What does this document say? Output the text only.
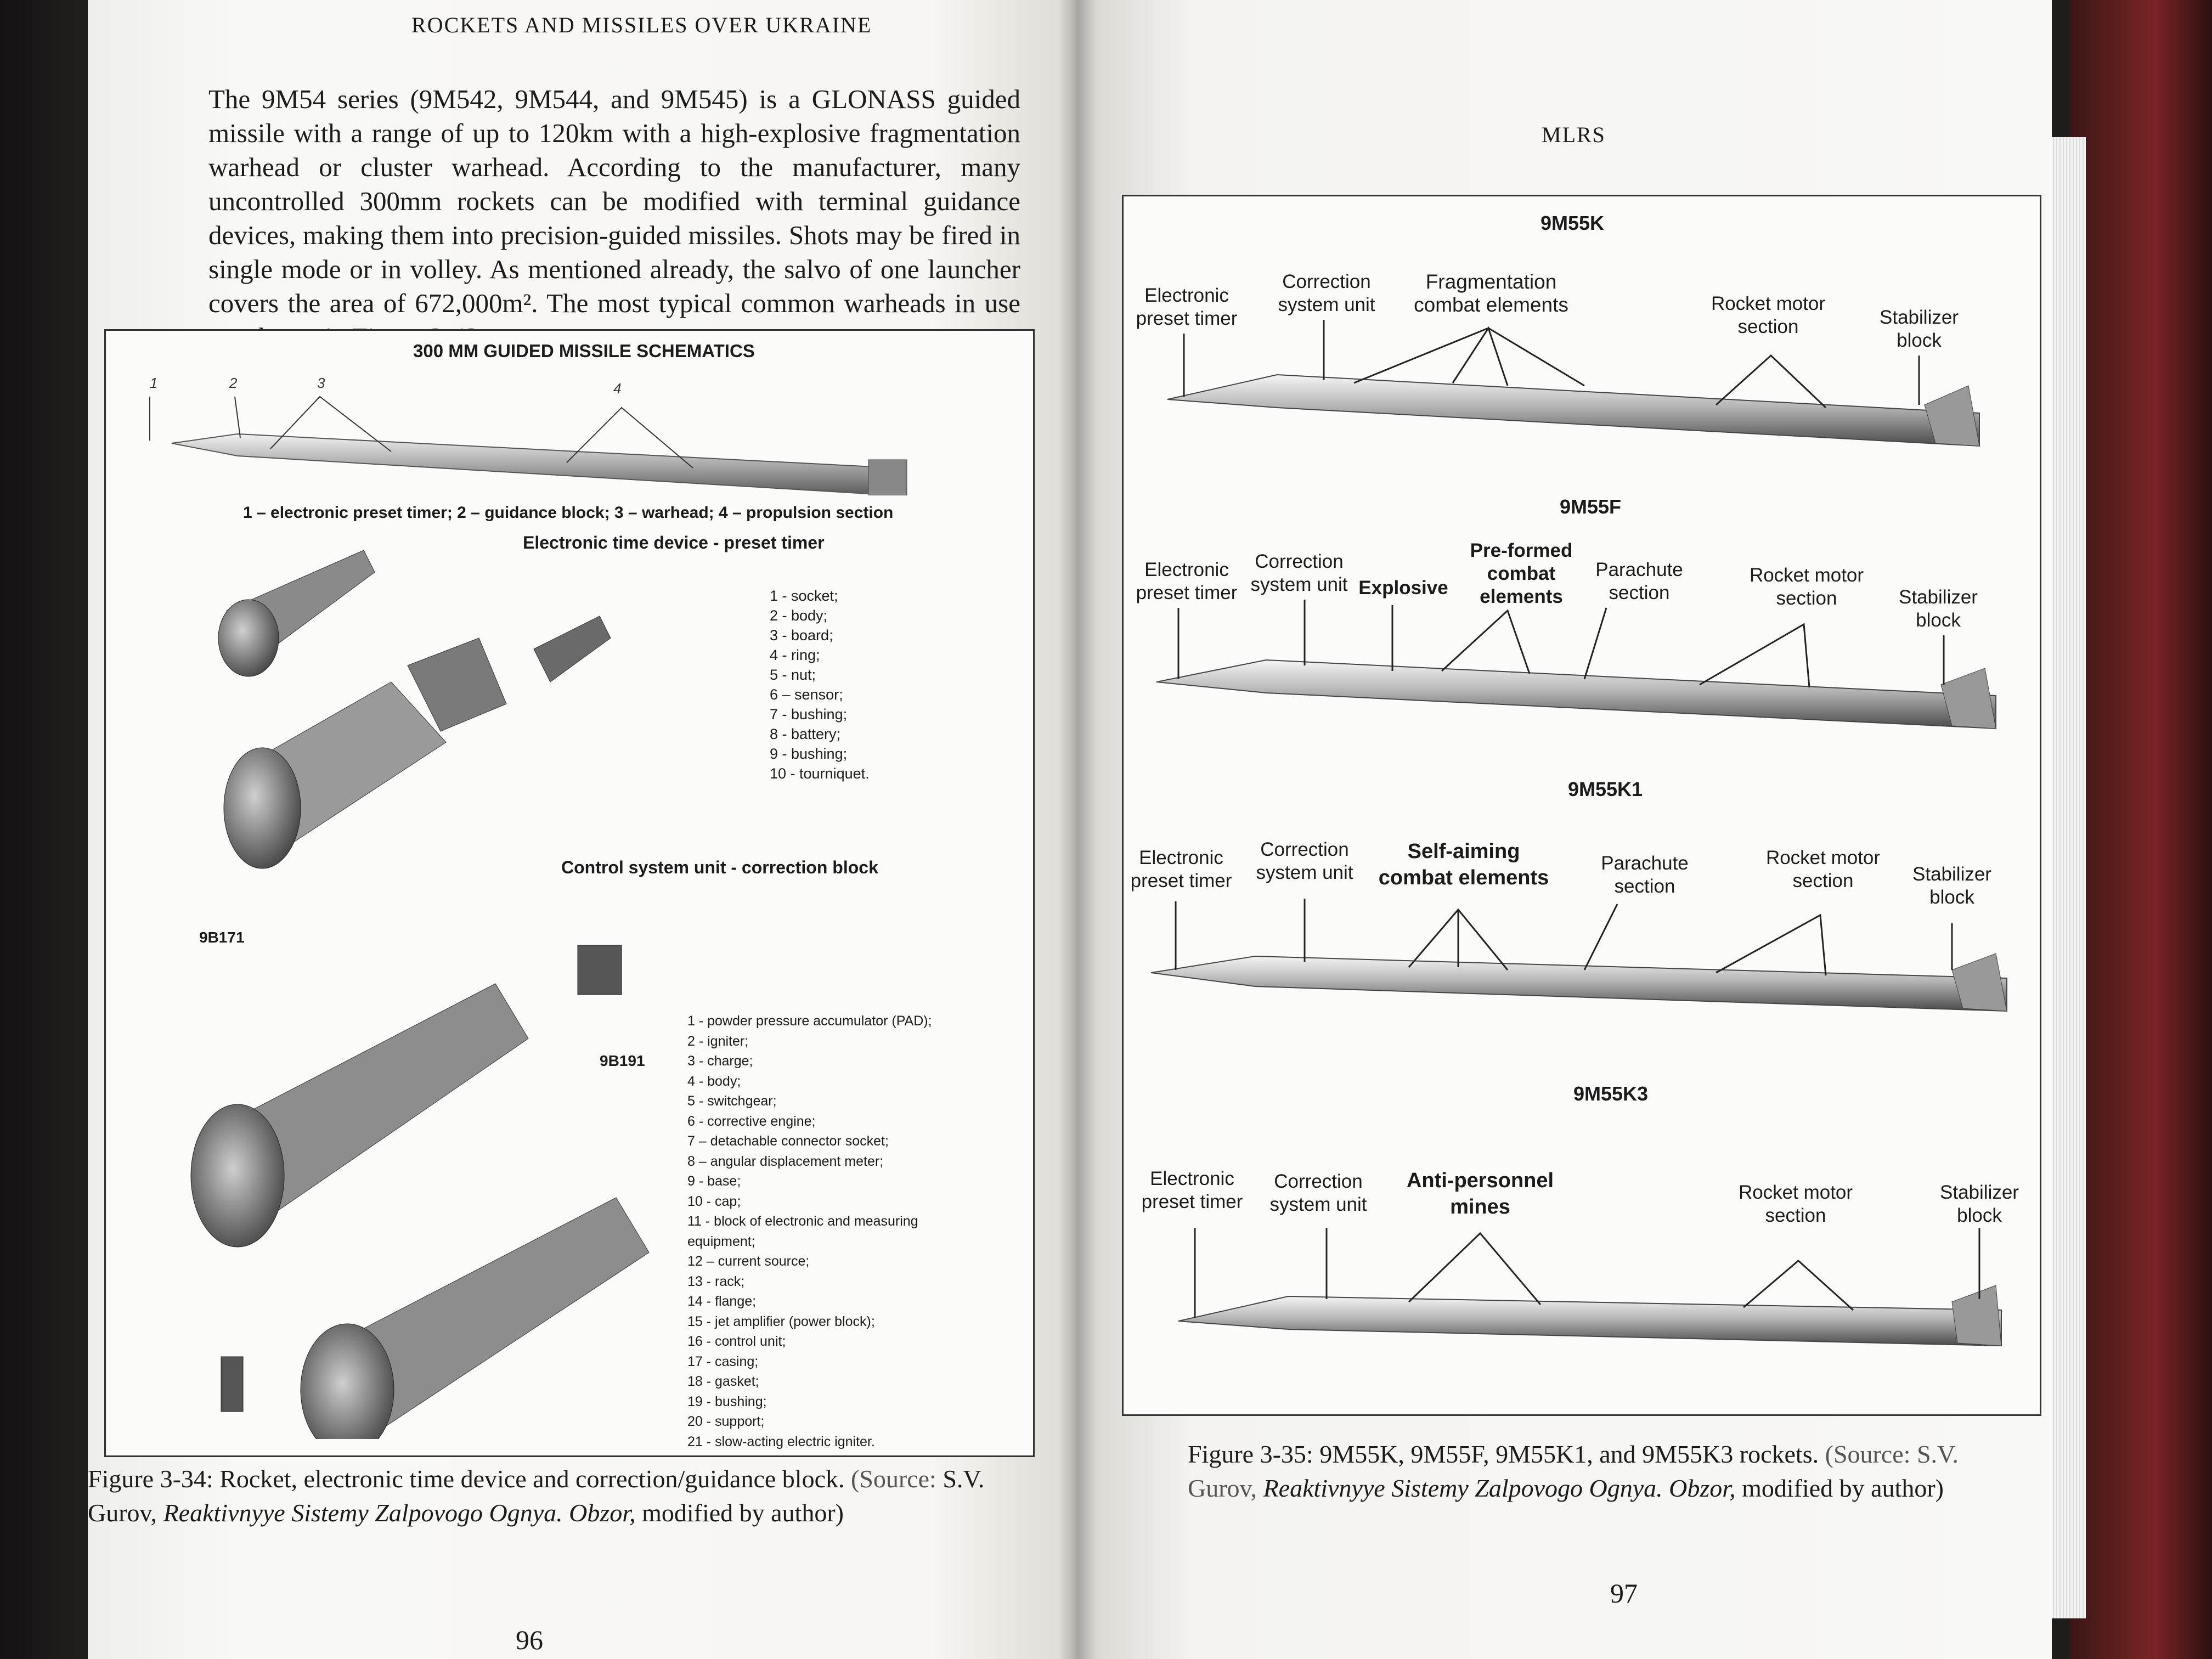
ROCKETS AND MISSILES OVER UKRAINE

The 9M54 series (9M542, 9M544, and 9M545) is a GLONASS guided missile with a range of up to 120km with a high-explosive fragmentation warhead or cluster warhead. According to the manufacturer, many uncontrolled 300mm rockets can be modified with terminal guidance devices, making them into precision-guided missiles. Shots may be fired in single mode or in volley. As mentioned already, the salvo of one launcher covers the area of 672,000m². The most typical common warheads in use

300 MM GUIDED MISSILE SCHEMATICS
1	2	3	4
1 – electronic preset timer; 2 – guidance block; 3 – warhead; 4 – propulsion section
Electronic time device - preset timer
1 - socket;
2 - body;
3 - board;
4 - ring;
5 - nut;
6 – sensor;
7 - bushing;
8 - battery;
9 - bushing;
10 - tourniquet.
Control system unit - correction block
9B171
9B191
1 - powder pressure accumulator (PAD);
2 - igniter;
3 - charge;
4 - body;
5 - switchgear;
6 - corrective engine;
7 – detachable connector socket;
8 – angular displacement meter;
9 - base;
10 - cap;
11 - block of electronic and measuring
equipment;
12 – current source;
13 - rack;
14 - flange;
15 - jet amplifier (power block);
16 - control unit;
17 - casing;
18 - gasket;
19 - bushing;
20 - support;
21 - slow-acting electric igniter.
Figure 3-34: Rocket, electronic time device and correction/guidance block. (Source: S.V. Gurov, Reaktivnyye Sistemy Zalpovogo Ognya. Obzor, modified by author)
96
MLRS
9M55K
Electronic preset timer
Correction system unit
Fragmentation combat elements	Rocket motor section	Stabilizer block
9M55F
Electronic preset timer
Correction system unit Explosive
Pre-formed combat elements
Parachute section
Rocket motor section	Stabilizer block
9M55K1
Electronic preset timer
Correction system unit
Self-aiming combat elements
Parachute section
Rocket motor section	Stabilizer block
9M55K3
Electronic preset timer
Correction system unit
Anti-personnel mines
Rocket motor section
Stabilizer block
Figure 3-35: 9M55K, 9M55F, 9M55K1, and 9M55K3 rockets. (Source: S.V. Gurov, Reaktivnyye Sistemy Zalpovogo Ognya. Obzor, modified by author)
97
